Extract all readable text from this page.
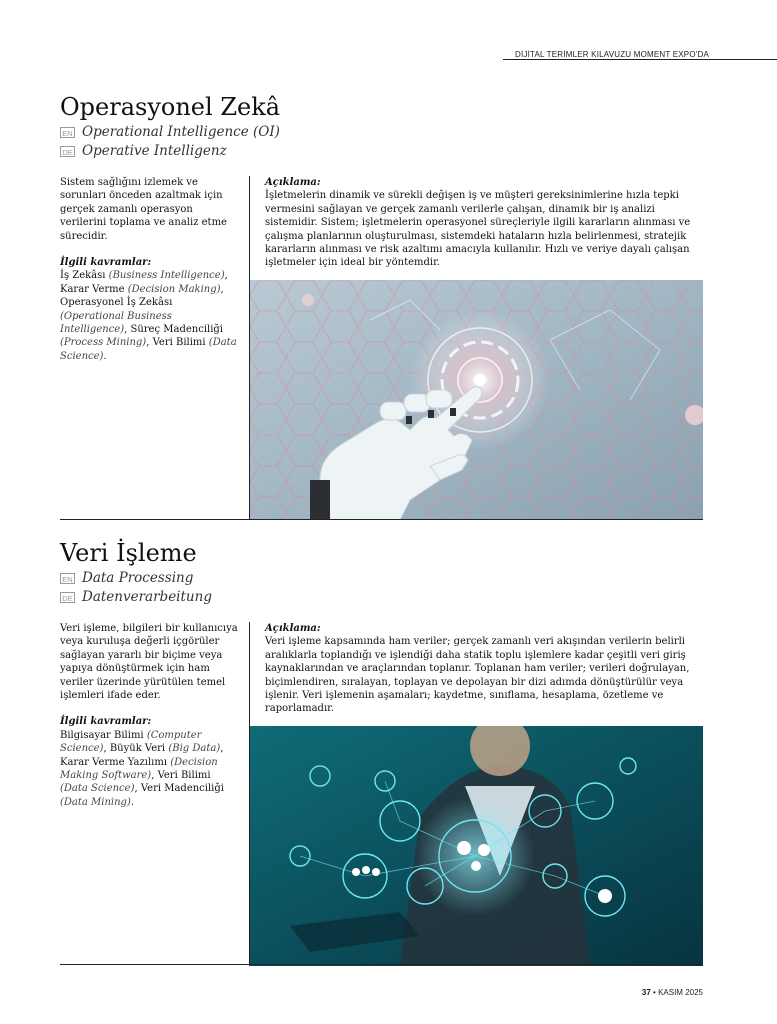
DİJİTAL TERİMLER KILAVUZU MOMENT EXPO'DA
Operasyonel Zekâ
EN Operational Intelligence (OI)
DE Operative Intelligenz

Sistem sağlığını izlemek ve sorunları önceden azaltmak için gerçek zamanlı operasyon verilerini toplama ve analiz etme sürecidir.

İlgili kavramlar:

İş Zekâsı (Business Intelligence), Karar Verme (Decision Making), Operasyonel İş Zekâsı (Operational Business Intelligence), Süreç Madenciliği (Process Mining), Veri Bilimi (Data Science).

Açıklama:

İşletmelerin dinamik ve sürekli değişen iş ve müşteri gereksinimlerine hızla tepki vermesini sağlayan ve gerçek zamanlı verilerle çalışan, dinamik bir iş analizi sistemidir. Sistem; işletmelerin operasyonel süreçleriyle ilgili kararların alınması ve çalışma planlarının oluşturulması, sistemdeki hataların hızla belirlenmesi, stratejik kararların alınması ve risk azaltımı amacıyla kullanılır. Hızlı ve veriye dayalı çalışan işletmeler için ideal bir yöntemdir.

Veri İşleme
EN Data Processing
DE Datenverarbeitung

Veri işleme, bilgileri bir kullanıcıya veya kuruluşa değerli içgörüler sağlayan yararlı bir biçime veya yapıya dönüştürmek için ham veriler üzerinde yürütülen temel işlemleri ifade eder.

İlgili kavramlar:

Bilgisayar Bilimi (Computer Science), Büyük Veri (Big Data), Karar Verme Yazılımı (Decision Making Software), Veri Bilimi (Data Science), Veri Madenciliği (Data Mining).

Açıklama:

Veri işleme kapsamında ham veriler; gerçek zamanlı veri akışından verilerin belirli aralıklarla toplandığı ve işlendiği daha statik toplu işlemlere kadar çeşitli veri giriş kaynaklarından ve araçlarından toplanır. Toplanan ham veriler; verileri doğrulayan, biçimlendiren, sıralayan, toplayan ve depolayan bir dizi adımda dönüştürülür veya işlenir. Veri işlemenin aşamaları; kaydetme, sınıflama, hesaplama, özetleme ve raporlamadır.

37 • KASIM 2025
